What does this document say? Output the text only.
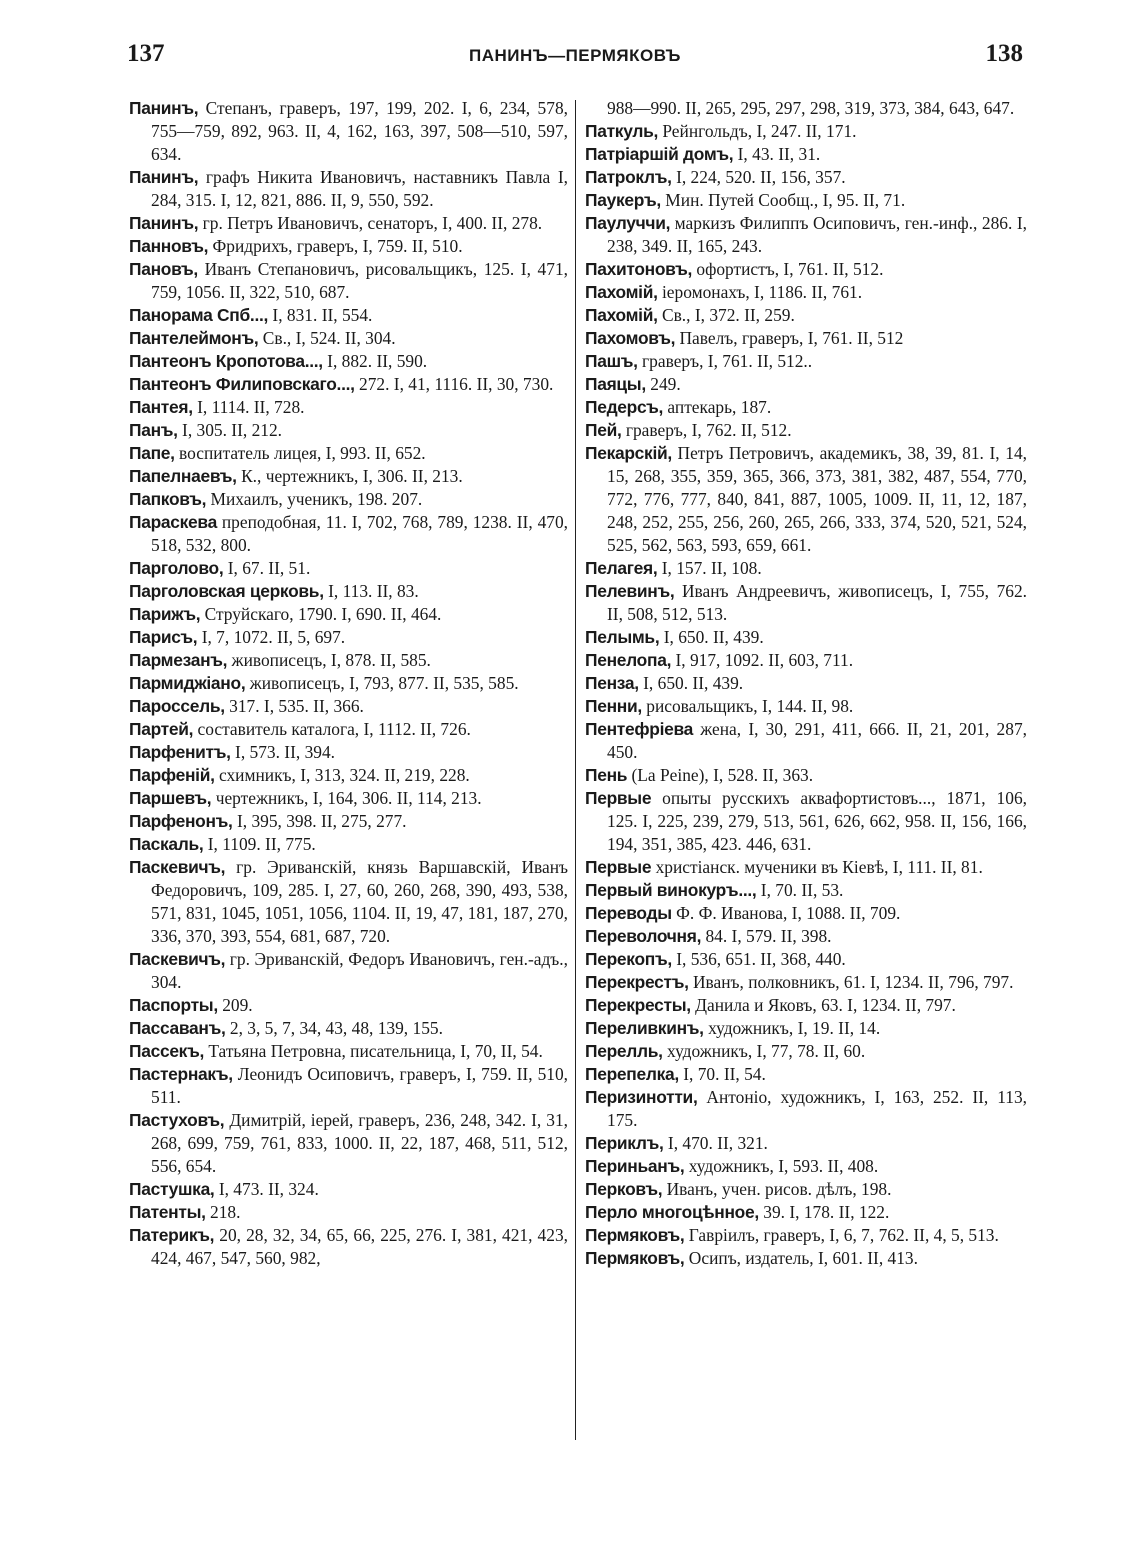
137	ПАНИНЪ—ПЕРМЯКОВЪ	138
Панинъ, Степанъ, граверъ, 197, 199, 202. I, 6, 234, 578, 755—759, 892, 963. II, 4, 162, 163, 397, 508—510, 597, 634.
Панинъ, графъ Никита Ивановичъ, наставникъ Павла I, 284, 315. I, 12, 821, 886. II, 9, 550, 592.
Панинъ, гр. Петръ Ивановичъ, сенаторъ, I, 400. II, 278.
Панновъ, Фридрихъ, граверъ, I, 759. II, 510.
Пановъ, Иванъ Степановичъ, рисовальщикъ, 125. I, 471, 759, 1056. II, 322, 510, 687.
Панорама Спб..., I, 831. II, 554.
Пантелеймонъ, Св., I, 524. II, 304.
Пантеонъ Кропотова..., I, 882. II, 590.
Пантеонъ Филиповскаго..., 272. I, 41, 1116. II, 30, 730.
Пантея, I, 1114. II, 728.
Панъ, I, 305. II, 212.
Папе, воспитатель лицея, I, 993. II, 652.
Папелнаевъ, К., чертежникъ, I, 306. II, 213.
Папковъ, Михаилъ, ученикъ, 198. 207.
Параскева преподобная, 11. I, 702, 768, 789, 1238. II, 470, 518, 532, 800.
Парголово, I, 67. II, 51.
Парголовская церковь, I, 113. II, 83.
Парижъ, Струйскаго, 1790. I, 690. II, 464.
Парисъ, I, 7, 1072. II, 5, 697.
Пармезанъ, живописецъ, I, 878. II, 585.
Пармиджіано, живописецъ, I, 793, 877. II, 535, 585.
Пароссель, 317. I, 535. II, 366.
Партей, составитель каталога, I, 1112. II, 726.
Парфенитъ, I, 573. II, 394.
Парфеній, схимникъ, I, 313, 324. II, 219, 228.
Паршевъ, чертежникъ, I, 164, 306. II, 114, 213.
Парфенонъ, I, 395, 398. II, 275, 277.
Паскаль, I, 1109. II, 775.
Паскевичъ, гр. Эриванскій, князь Варшавскій, Иванъ Федоровичъ, 109, 285. I, 27, 60, 260, 268, 390, 493, 538, 571, 831, 1045, 1051, 1056, 1104. II, 19, 47, 181, 187, 270, 336, 370, 393, 554, 681, 687, 720.
Паскевичъ, гр. Эриванскій, Федоръ Ивановичъ, ген.-адъ., 304.
Паспорты, 209.
Пассаванъ, 2, 3, 5, 7, 34, 43, 48, 139, 155.
Пассекъ, Татьяна Петровна, писательница, I, 70, II, 54.
Пастернакъ, Леонидъ Осиповичъ, граверъ, I, 759. II, 510, 511.
Пастуховъ, Димитрій, іерей, граверъ, 236, 248, 342. I, 31, 268, 699, 759, 761, 833, 1000. II, 22, 187, 468, 511, 512, 556, 654.
Пастушка, I, 473. II, 324.
Патенты, 218.
Патерикъ, 20, 28, 32, 34, 65, 66, 225, 276. I, 381, 421, 423, 424, 467, 547, 560, 982,
988—990. II, 265, 295, 297, 298, 319, 373, 384, 643, 647.
Паткуль, Рейнгольдъ, I, 247. II, 171.
Патріаршій домъ, I, 43. II, 31.
Патроклъ, I, 224, 520. II, 156, 357.
Паукеръ, Мин. Путей Сообщ., I, 95. II, 71.
Паулуччи, маркизъ Филиппъ Осиповичъ, ген.-инф., 286. I, 238, 349. II, 165, 243.
Пахитоновъ, офортистъ, I, 761. II, 512.
Пахомій, іеромонахъ, I, 1186. II, 761.
Пахомій, Св., I, 372. II, 259.
Пахомовъ, Павелъ, граверъ, I, 761. II, 512
Пашъ, граверъ, I, 761. II, 512..
Паяцы, 249.
Педерсъ, аптекарь, 187.
Пей, граверъ, I, 762. II, 512.
Пекарскій, Петръ Петровичъ, академикъ, 38, 39, 81. I, 14, 15, 268, 355, 359, 365, 366, 373, 381, 382, 487, 554, 770, 772, 776, 777, 840, 841, 887, 1005, 1009. II, 11, 12, 187, 248, 252, 255, 256, 260, 265, 266, 333, 374, 520, 521, 524, 525, 562, 563, 593, 659, 661.
Пелагея, I, 157. II, 108.
Пелевинъ, Иванъ Андреевичъ, живописецъ, I, 755, 762. II, 508, 512, 513.
Пелымь, I, 650. II, 439.
Пенелопа, I, 917, 1092. II, 603, 711.
Пенза, I, 650. II, 439.
Пенни, рисовальщикъ, I, 144. II, 98.
Пентефріева жена, I, 30, 291, 411, 666. II, 21, 201, 287, 450.
Пень (La Peine), I, 528. II, 363.
Первые опыты русскихъ аквафортистовъ..., 1871, 106, 125. I, 225, 239, 279, 513, 561, 626, 662, 958. II, 156, 166, 194, 351, 385, 423. 446, 631.
Первые христіанск. мученики въ Кіевѣ, I, 111. II, 81.
Первый винокуръ..., I, 70. II, 53.
Переводы Ф. Ф. Иванова, I, 1088. II, 709.
Переволочня, 84. I, 579. II, 398.
Перекопъ, I, 536, 651. II, 368, 440.
Перекрестъ, Иванъ, полковникъ, 61. I, 1234. II, 796, 797.
Перекресты, Данила и Яковъ, 63. I, 1234. II, 797.
Переливкинъ, художникъ, I, 19. II, 14.
Перелль, художникъ, I, 77, 78. II, 60.
Перепелка, I, 70. II, 54.
Перизинотти, Антоніо, художникъ, I, 163, 252. II, 113, 175.
Периклъ, I, 470. II, 321.
Периньанъ, художникъ, I, 593. II, 408.
Перковъ, Иванъ, учен. рисов. дѣлъ, 198.
Перло многоцѣнное, 39. I, 178. II, 122.
Пермяковъ, Гавріилъ, граверъ, I, 6, 7, 762. II, 4, 5, 513.
Пермяковъ, Осипъ, издатель, I, 601. II, 413.
